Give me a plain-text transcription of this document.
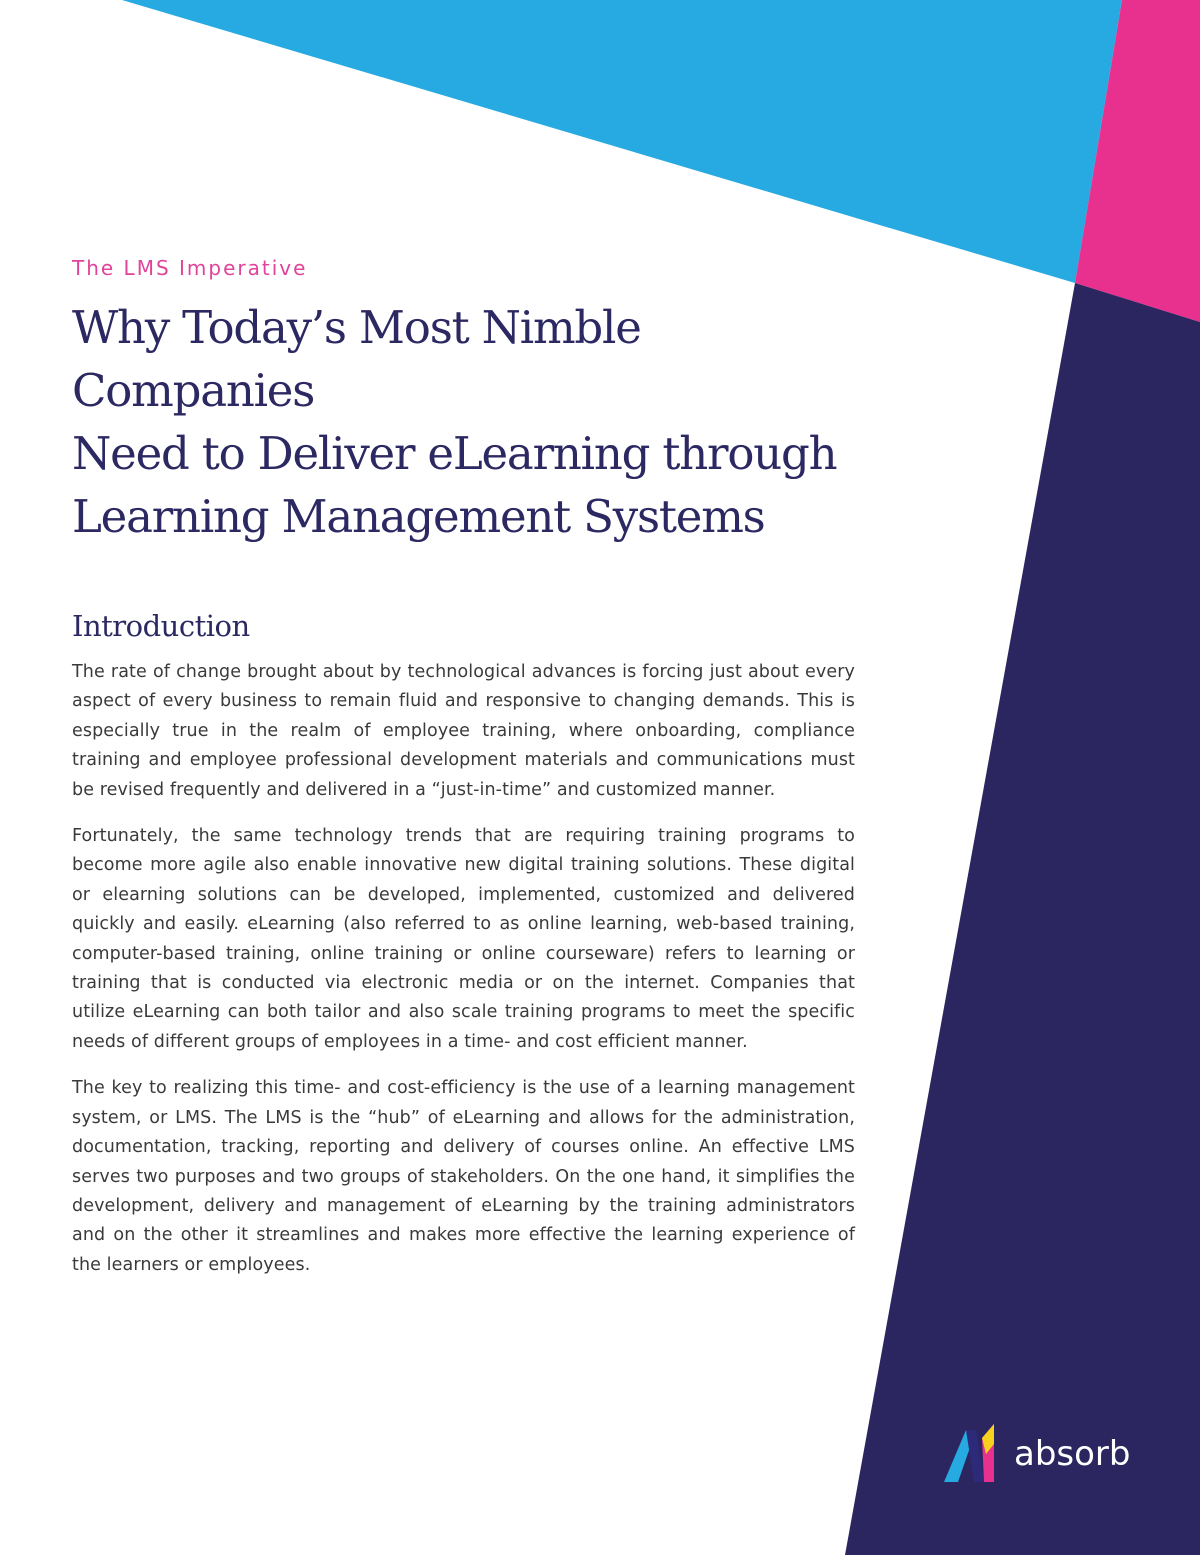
The LMS Imperative
Why Today’s Most Nimble Companies
Need to Deliver eLearning through
Learning Management Systems
Introduction

The rate of change brought about by technological advances is forcing just about every aspect of every business to remain fluid and responsive to changing demands. This is especially true in the realm of employee training, where onboarding, compliance training and employee professional development materials and communications must be revised frequently and delivered in a “just-in-time” and customized manner.

Fortunately, the same technology trends that are requiring training programs to become more agile also enable innovative new digital training solutions. These digital or elearning solutions can be developed, implemented, customized and delivered quickly and easily. eLearning (also referred to as online learning, web-based training, computer-based training, online training or online courseware) refers to learning or training that is conducted via electronic media or on the internet. Companies that utilize eLearning can both tailor and also scale training programs to meet the specific needs of different groups of employees in a time- and cost efficient manner.

The key to realizing this time- and cost-efficiency is the use of a learning management system, or LMS. The LMS is the “hub” of eLearning and allows for the administration, documentation, tracking, reporting and delivery of courses online. An effective LMS serves two purposes and two groups of stakeholders. On the one hand, it simplifies the development, delivery and management of eLearning by the training administrators and on the other it streamlines and makes more effective the learning experience of the learners or employees.

absorb
